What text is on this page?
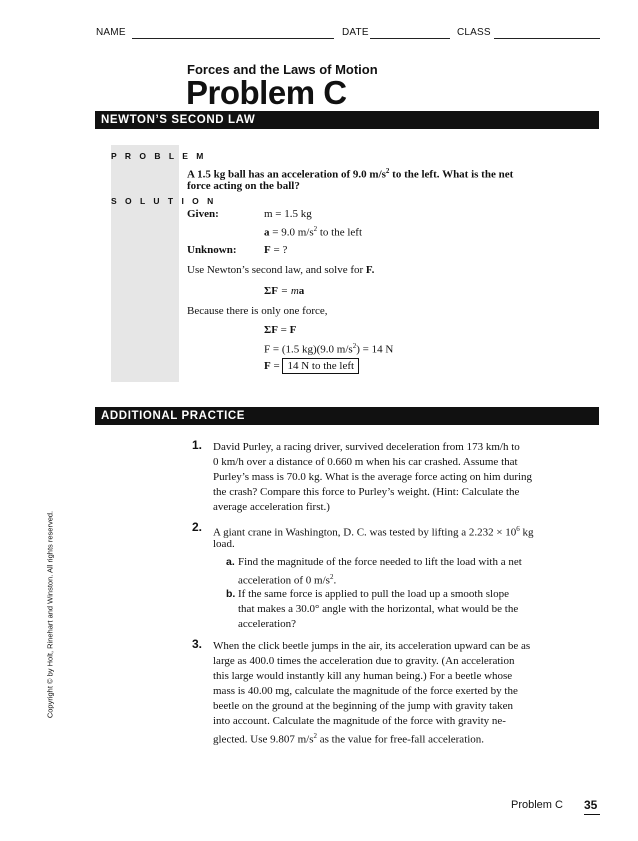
NAME	DATE	CLASS
Forces and the Laws of Motion
Problem C
NEWTON’S SECOND LAW
P R O B L E M
S O L U T I O N
A 1.5 kg ball has an acceleration of 9.0 $m/s^2$ to the left. What is the net
force acting on the ball?
Given:	m = 1.5 kg
a = 9.0 $m/s^2$ to the left
Unknown: F = ?
Use Newton’s second law, and solve for F.
ΣF = ma
Because there is only one force,
ΣF = F
F = (1.5 kg)(9.0 $m/s^2) = 14$ N
F = 14 N to the left
ADDITIONAL PRACTICE
1. David Purley, a racing driver, survived deceleration from 173 km/h to
0 km/h over a distance of 0.660 m when his car crashed. Assume that
Purley’s mass is 70.0 kg. What is the average force acting on him during
the crash? Compare this force to Purley’s weight. (Hint: Calculate the
average acceleration first.)
2. A giant crane in Washington, D. C. was tested by lifting a $2.232 \times 10^6$ kg
load.
a. Find the magnitude of the force needed to lift the load with a net
acceleration of 0 $m/s^2$.
b. If the same force is applied to pull the load up a smooth slope
that makes a 30.0° angle with the horizontal, what would be the
acceleration?
3. When the click beetle jumps in the air, its acceleration upward can be as
large as 400.0 times the acceleration due to gravity. (An acceleration
this large would instantly kill any human being.) For a beetle whose
mass is 40.00 mg, calculate the magnitude of the force exerted by the
beetle on the ground at the beginning of the jump with gravity taken
into account. Calculate the magnitude of the force with gravity ne-
glected. Use 9.807 $m/s^2$ as the value for free-fall acceleration.
Copyright © by Holt, Rinehart and Winston. All rights reserved.
Problem C 35
